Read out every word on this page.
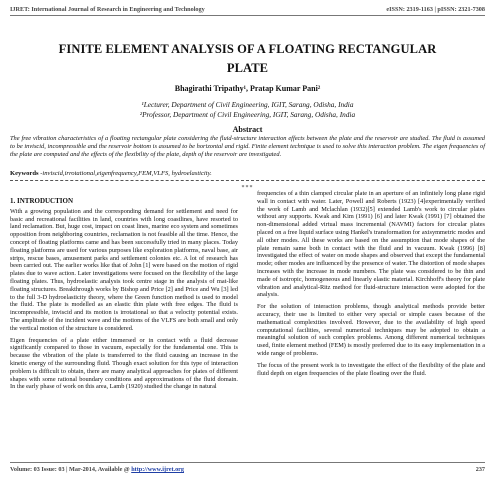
IJRET: International Journal of Research in Engineering and Technology	eISSN: 2319-1163 | pISSN: 2321-7308
FINITE ELEMENT ANALYSIS OF A FLOATING RECTANGULAR PLATE
Bhagirathi Tripathy¹, Pratap Kumar Pani²
¹Lecturer, Department of Civil Engineering, IGIT, Sarang, Odisha, India
²Professor, Department of Civil Engineering, IGIT, Sarang, Odisha, India
Abstract
The free vibration characteristics of a floating rectangular plate considering the fluid-structure interaction effects between the plate and the reservoir are studied. The fluid is assumed to be inviscid, incompressible and the reservoir bottom is assumed to be horizontal and rigid. Finite element technique is used to solve this interaction problem. The eigen frequencies of the plate are computed and the effects of the flexibility of the plate, depth of the reservoir are investigated.
Keywords -inviscid,irrotational,eigenfrequency,FEM,VLFS, hydroelasticity.
***
1. INTRODUCTION

With a growing population and the corresponding demand for settlement and need for basic and recreational facilities in land, countries with long coastlines, have resorted to land reclamation. But, huge cost, impact on coast lines, marine eco system and sometimes opposition from neighboring countries, reclamation is not feasible all the time. Hence, the concept of floating platforms came and has been successfully tried in many places. Today floating platforms are used for various purposes like exploration platforms, naval base, air strips, rescue bases, amusement parks and settlement colonies etc. A lot of research has been carried out. The earlier works like that of John [1] were based on the motion of rigid plates due to wave action. Later investigations were focused on the flexibility of the large floating plates. Thus, hydroelastic analysis took centre stage in the analysis of mat-like floating structures. Breakthrough works by Bishop and Price [2] and Price and Wu [3] led to the full 3-D hydroelasticity theory, where the Green function method is used to model the fluid. The plate is modelled as an elastic thin plate with free edges. The fluid is incompressible, inviscid and its motion is irrotational so that a velocity potential exists. The amplitude of the incident wave and the motions of the VLFS are both small and only the vertical motion of the structure is considered.

Eigen frequencies of a plate either immersed or in contact with a fluid decrease significantly compared to those in vacuum, especially for the fundamental one. This is because the vibration of the plate is transferred to the fluid causing an increase in the kinetic energy of the surrounding fluid. Though exact solution for this type of interaction problem is difficult to obtain, there are many analytical approaches for plates of different shapes with some rational boundary conditions and approximations of the fluid domain. In the early phase of work on this area, Lamb (1920) studied the change in natural

frequencies of a thin clamped circular plate in an aperture of an infinitely long plane rigid wall in contact with water. Later, Powell and Roberts (1923) [4]experimentally verified the work of Lamb and Mclachlan (1932)[5] extended Lamb's work to circular plates without any supports. Kwak and Kim (1991) [6] and later Kwak (1991) [7] obtained the non-dimensional added virtual mass incremental (NAVMI) factors for circular plates placed on a free liquid surface using Hankel's transformation for axisymmetric modes and all other modes. All these works are based on the assumption that mode shapes of the plate remain same both in contact with the fluid and in vacuum. Kwak (1996) [8] investigated the effect of water on mode shapes and observed that except the fundamental mode; other modes are influenced by the presence of water. The distortion of mode shapes increases with the increase in mode numbers. The plate was considered to be thin and made of isotropic, homogeneous and linearly elastic material. Kirchhoff's theory for plate vibration and analytical-Ritz method for fluid-structure interaction were adopted for the analysis.

For the solution of interaction problems, though analytical methods provide better accuracy, their use is limited to either very special or simple cases because of the mathematical complexities involved. However, due to the availability of high speed computational facilities, several numerical techniques may be adopted to obtain a meaningful solution of such complex problems. Among different numerical techniques used, finite element method (FEM) is mostly preferred due to its easy implementation in a wide range of problems.

The focus of the present work is to investigate the effect of the flexibility of the plate and fluid depth on eigen frequencies of the plate floating over the fluid.

Volume: 03 Issue: 03 | Mar-2014, Available @ http://www.ijret.org	237
